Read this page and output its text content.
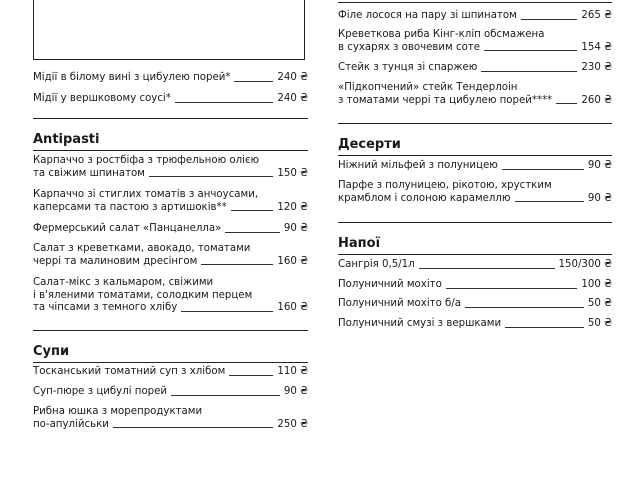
Мідії в білому вині з цибулею порей*	240 ₴
Мідії у вершковому соусі*	240 ₴
Antipasti
Карпаччо з ростбіфа з трюфельною олією
та свіжим шпинатом	150 ₴
Карпаччо зі стиглих томатів з анчоусами,
каперсами та пастою з артишоків**	120 ₴
Фермерський салат «Панцанелла»	90 ₴
Салат з креветками, авокадо, томатами
черрі та малиновим дресінгом	160 ₴
Салат-мікс з кальмаром, свіжими
і в'яленими томатами, солодким перцем
та чіпсами з темного хлібу	160 ₴
Супи
Тосканський томатний суп з хлібом	110 ₴
Суп-пюре з цибулі порей	90 ₴
Рибна юшка з морепродуктами
по-апулійськи	250 ₴
Філе лосося на пару зі шпинатом	265 ₴
Креветкова риба Кінг-кліп обсмажена
в сухарях з овочевим соте	154 ₴
Стейк з тунця зі спаржею	230 ₴
«Підкопчений» стейк Тендерлоін
з томатами черрі та цибулею порей****	260 ₴
Десерти
Ніжний мільфей з полуницею	90 ₴
Парфе з полуницею, рікотою, хрустким
крамблом і солоною карамеллю	90 ₴
Напої
Сангрія 0,5/1л	150/300 ₴
Полуничний мохіто	100 ₴
Полуничний мохіто б/а	50 ₴
Полуничний смузі з вершками	50 ₴
